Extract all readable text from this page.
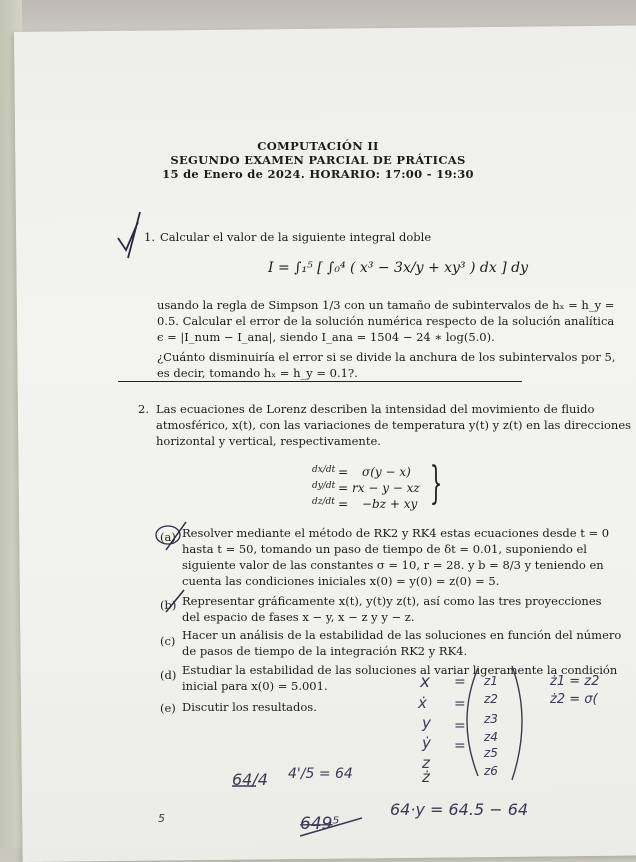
COMPUTACIÓN II
SEGUNDO EXAMEN PARCIAL DE PRÁTICAS
15 de Enero de 2024. HORARIO: 17:00 - 19:30
1. Calcular el valor de la siguiente integral doble
I = ∫₁⁵ [ ∫₀⁴ ( x³ − 3x/y + xy³ ) dx ] dy
usando la regla de Simpson 1/3 con un tamaño de subintervalos de hₓ = h_y =
0.5. Calcular el error de la solución numérica respecto de la solución analítica
ϵ = |I_num − I_ana|, siendo I_ana = 1504 − 24 ∗ log(5.0).
¿Cuánto disminuiría el error si se divide la anchura de los subintervalos por 5,
es decir, tomando hₓ = h_y = 0.1?.
2. Las ecuaciones de Lorenz describen la intensidad del movimiento de fluido
atmosférico, x(t), con las variaciones de temperatura y(t) y z(t) en las direcciones
horizontal y vertical, respectivamente.
dx/dt = σ(y − x)
dy/dt = rx − y − xz
dz/dt = −bz + xy }
(a) Resolver mediante el método de RK2 y RK4 estas ecuaciones desde t = 0
hasta t = 50, tomando un paso de tiempo de δt = 0.01, suponiendo el
siguiente valor de las constantes σ = 10, r = 28. y b = 8/3 y teniendo en
cuenta las condiciones iniciales x(0) = y(0) = z(0) = 5.
(b) Representar gráficamente x(t), y(t)y z(t), así como las tres proyecciones
del espacio de fases x − y, x − z y y − z.
(c) Hacer un análisis de la estabilidad de las soluciones en función del número
de pasos de tiempo de la integración RK2 y RK4.
(d) Estudiar la estabilidad de las soluciones al variar ligeramente la condición
inicial para x(0) = 5.001.
(e) Discutir los resultados.
x
ẋ
y
ẏ
z
ż
=
=
=
=
z1
z2
z3
z4
z5
z6
ż1 = z2
ż2 = σ(
64/4 4'/5 = 64
5	6̶4̶9̶⁵
64·y = 64.5 − 64
